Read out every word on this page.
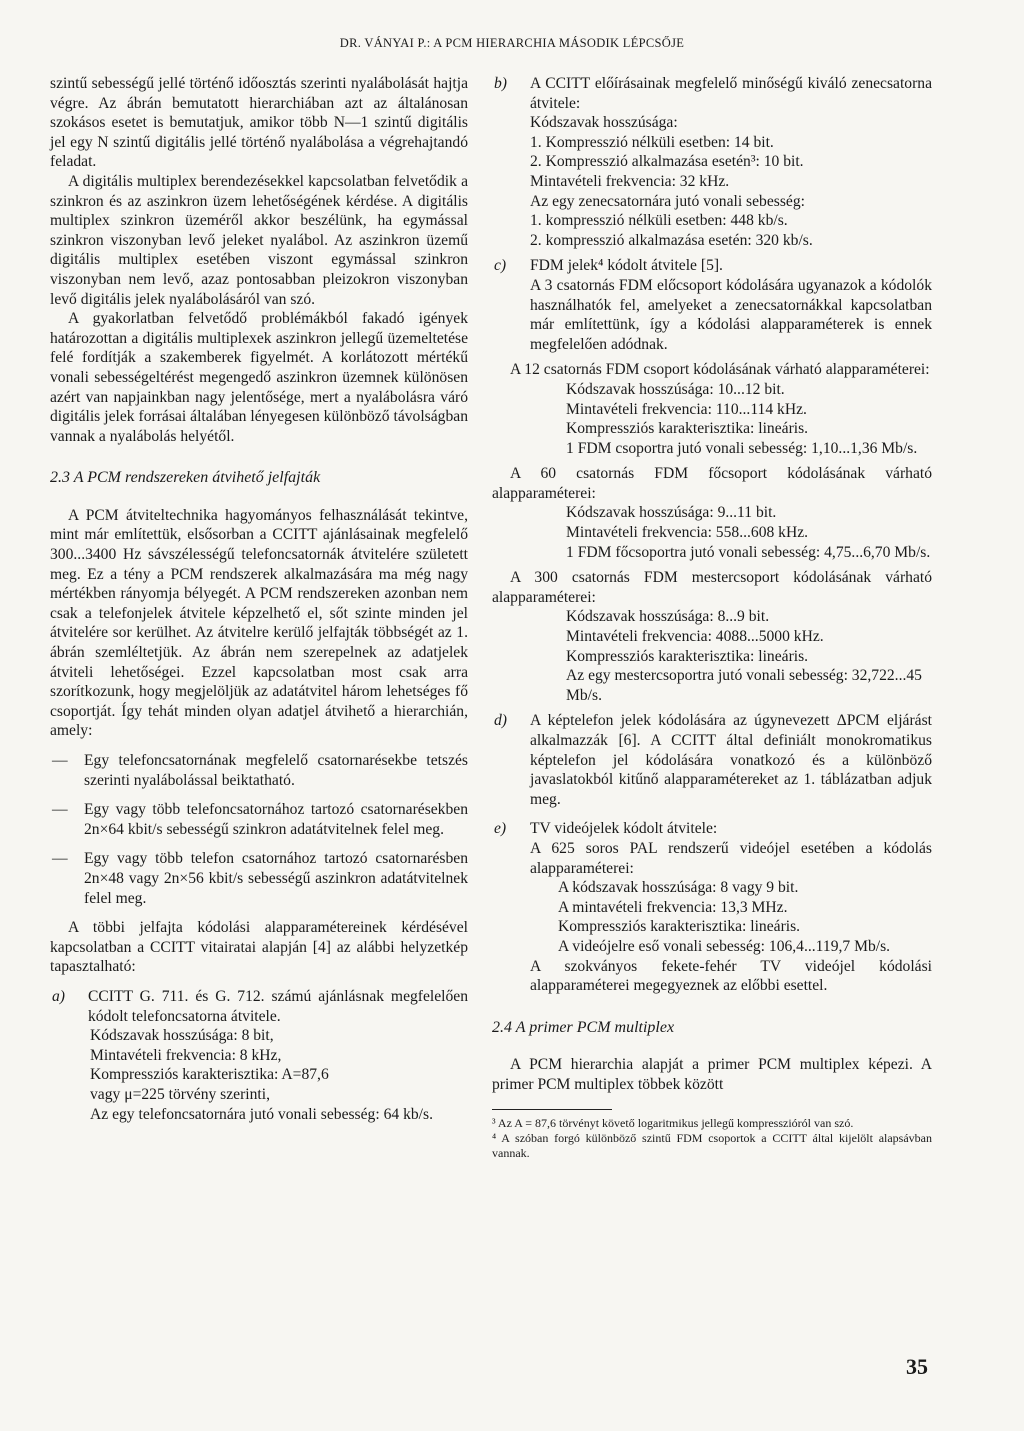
DR. VÁNYAI P.: A PCM HIERARCHIA MÁSODIK LÉPCSŐJE

szintű sebességű jellé történő időosztás szerinti nyalábolását hajtja végre. Az ábrán bemutatott hierarchiában azt az általánosan szokásos esetet is bemutatjuk, amikor több N—1 szintű digitális jel egy N szintű digitális jellé történő nyalábolása a végrehajtandó feladat.

A digitális multiplex berendezésekkel kapcsolatban felvetődik a szinkron és az aszinkron üzem lehetőségének kérdése. A digitális multiplex szinkron üzeméről akkor beszélünk, ha egymással szinkron viszonyban levő jeleket nyalábol. Az aszinkron üzemű digitális multiplex esetében viszont egymással szinkron viszonyban nem levő, azaz pontosabban pleizokron viszonyban levő digitális jelek nyalábolásáról van szó.

A gyakorlatban felvetődő problémákból fakadó igények határozottan a digitális multiplexek aszinkron jellegű üzemeltetése felé fordítják a szakemberek figyelmét. A korlátozott mértékű vonali sebességeltérést megengedő aszinkron üzemnek különösen azért van napjainkban nagy jelentősége, mert a nyalábolásra váró digitális jelek forrásai általában lényegesen különböző távolságban vannak a nyalábolás helyétől.

2.3 A PCM rendszereken átvihető jelfajták

A PCM átviteltechnika hagyományos felhasználását tekintve, mint már említettük, elsősorban a CCITT ajánlásainak megfelelő 300...3400 Hz sávszélességű telefoncsatornák átvitelére született meg. Ez a tény a PCM rendszerek alkalmazására ma még nagy mértékben rányomja bélyegét. A PCM rendszereken azonban nem csak a telefonjelek átvitele képzelhető el, sőt szinte minden jel átvitelére sor kerülhet. Az átvitelre kerülő jelfajták többségét az 1. ábrán szemléltetjük. Az ábrán nem szerepelnek az adatjelek átviteli lehetőségei. Ezzel kapcsolatban most csak arra szorítkozunk, hogy megjelöljük az adatátvitel három lehetséges fő csoportját. Így tehát minden olyan adatjel átvihető a hierarchián, amely:

—	Egy telefoncsatornának megfelelő csatornarésekbe tetszés szerinti nyalábolással beiktatható.
—	Egy vagy több telefoncsatornához tartozó csatornarésekben 2n×64 kbit/s sebességű szinkron adatátvitelnek felel meg.
—	Egy vagy több telefon csatornához tartozó csatornarésben 2n×48 vagy 2n×56 kbit/s sebességű aszinkron adatátvitelnek felel meg.

A többi jelfajta kódolási alapparamétereinek kérdésével kapcsolatban a CCITT vitairatai alapján [4] az alábbi helyzetkép tapasztalható:

a)	CCITT G. 711. és G. 712. számú ajánlásnak megfelelően kódolt telefoncsatorna átvitele.

Kódszavak hosszúsága: 8 bit,
Mintavételi frekvencia: 8 kHz,
Kompressziós karakterisztika: A=87,6
vagy μ=225 törvény szerinti,
Az egy telefoncsatornára jutó vonali sebesség: 64 kb/s.
b)	A CCITT előírásainak megfelelő minőségű kiváló zenecsatorna átvitele:

Kódszavak hosszúsága:
1. Kompresszió nélküli esetben: 14 bit.
2. Kompresszió alkalmazása esetén³: 10 bit.
Mintavételi frekvencia: 32 kHz.
Az egy zenecsatornára jutó vonali sebesség:
1. kompresszió nélküli esetben: 448 kb/s.
2. kompresszió alkalmazása esetén: 320 kb/s.
c)	FDM jelek⁴ kódolt átvitele [5].

A 3 csatornás FDM előcsoport kódolására ugyanazok a kódolók használhatók fel, amelyeket a zenecsatornákkal kapcsolatban már említettünk, így a kódolási alapparaméterek is ennek megfelelően adódnak.

A 12 csatornás FDM csoport kódolásának várható alapparaméterei:

Kódszavak hosszúsága: 10...12 bit.
Mintavételi frekvencia: 110...114 kHz.
Kompressziós karakterisztika: lineáris.
1 FDM csoportra jutó vonali sebesség: 1,10...1,36 Mb/s.

A 60 csatornás FDM főcsoport kódolásának várható alapparaméterei:

Kódszavak hosszúsága: 9...11 bit.
Mintavételi frekvencia: 558...608 kHz.
1 FDM főcsoportra jutó vonali sebesség: 4,75...6,70 Mb/s.

A 300 csatornás FDM mestercsoport kódolásának várható alapparaméterei:

Kódszavak hosszúsága: 8...9 bit.
Mintavételi frekvencia: 4088...5000 kHz.
Kompressziós karakterisztika: lineáris.
Az egy mestercsoportra jutó vonali sebesség: 32,722...45 Mb/s.
d)	A képtelefon jelek kódolására az úgynevezett ΔPCM eljárást alkalmazzák [6]. A CCITT által definiált monokromatikus képtelefon jel kódolására vonatkozó és a különböző javaslatokból kitűnő alapparamétereket az 1. táblázatban adjuk meg.

e)	TV videójelek kódolt átvitele:

A 625 soros PAL rendszerű videójel esetében a kódolás alapparaméterei:

A kódszavak hosszúsága: 8 vagy 9 bit.
A mintavételi frekvencia: 13,3 MHz.
Kompressziós karakterisztika: lineáris.
A videójelre eső vonali sebesség: 106,4...119,7 Mb/s.

A szokványos fekete-fehér TV videójel kódolási alapparaméterei megegyeznek az előbbi esettel.

2.4 A primer PCM multiplex

A PCM hierarchia alapját a primer PCM multiplex képezi. A primer PCM multiplex többek között

³ Az A = 87,6 törvényt követő logaritmikus jellegű kompresszióról van szó.

⁴ A szóban forgó különböző szintű FDM csoportok a CCITT által kijelölt alapsávban vannak.

35
